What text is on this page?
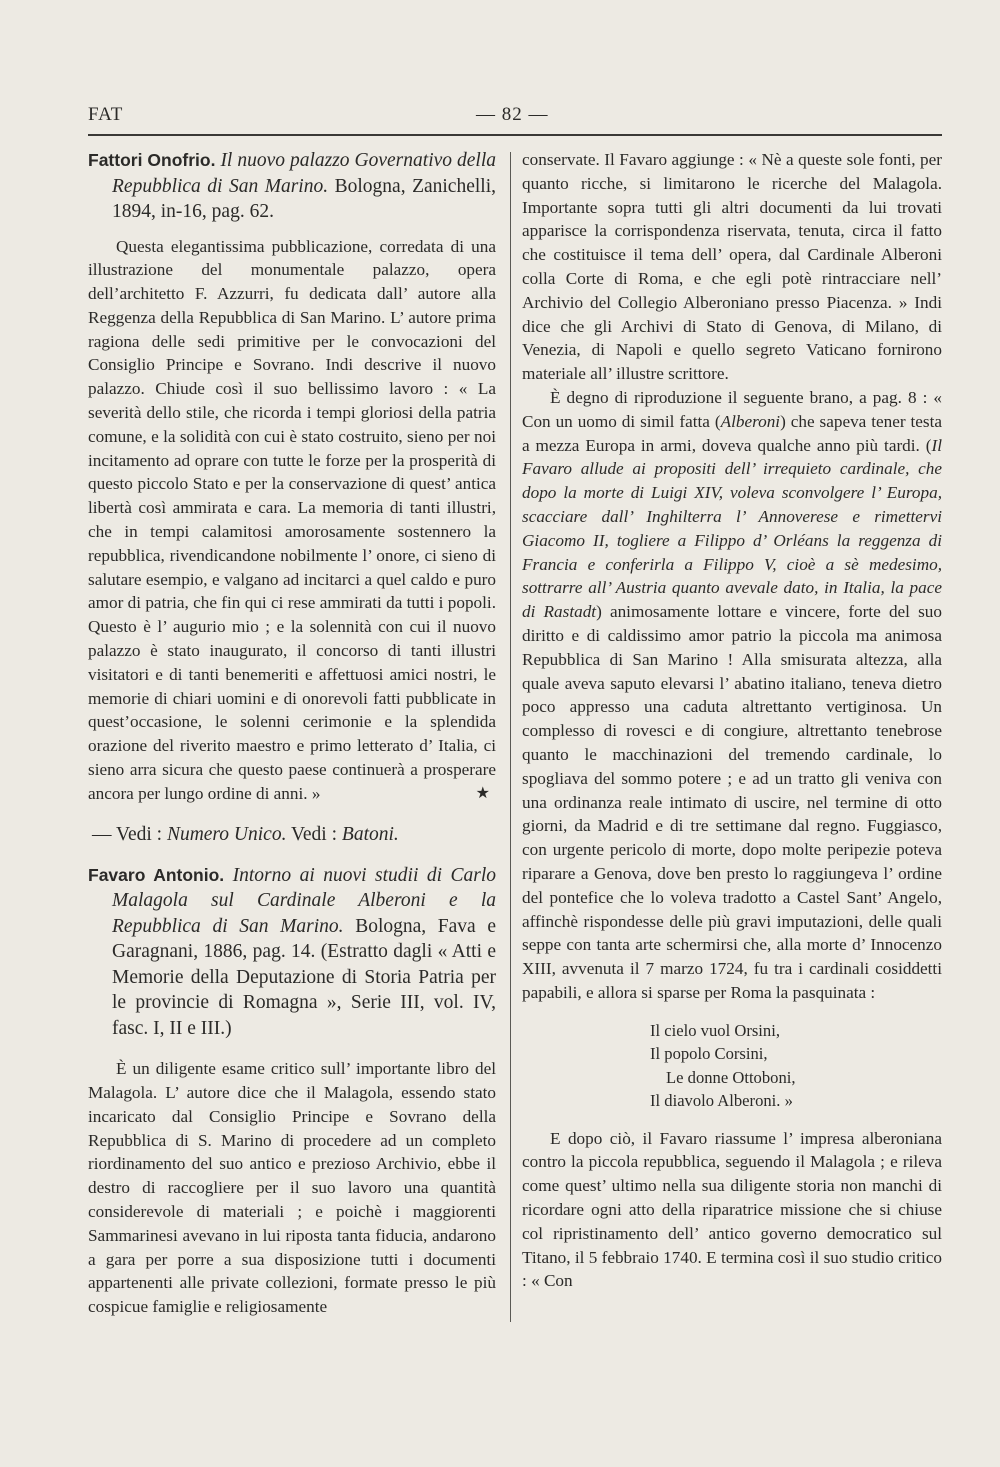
FAT	— 82 —

Fattori Onofrio. Il nuovo palazzo Governativo della Repubblica di San Marino. Bologna, Zanichelli, 1894, in-16, pag. 62.

Questa elegantissima pubblicazione, corredata di una illustrazione del monumentale palazzo, opera dell’architetto F. Azzurri, fu dedicata dall’ autore alla Reggenza della Repubblica di San Marino. L’ autore prima ragiona delle sedi primitive per le convocazioni del Consiglio Principe e Sovrano. Indi descrive il nuovo palazzo. Chiude così il suo bellissimo lavoro : « La severità dello stile, che ricorda i tempi gloriosi della patria comune, e la solidità con cui è stato costruito, sieno per noi incitamento ad oprare con tutte le forze per la prosperità di questo piccolo Stato e per la conservazione di quest’ antica libertà così ammirata e cara. La memoria di tanti illustri, che in tempi calamitosi amorosamente sostennero la repubblica, rivendicandone nobilmente l’ onore, ci sieno di salutare esempio, e valgano ad incitarci a quel caldo e puro amor di patria, che fin qui ci rese ammirati da tutti i popoli. Questo è l’ augurio mio ; e la solennità con cui il nuovo palazzo è stato inaugurato, il concorso di tanti illustri visitatori e di tanti benemeriti e affettuosi amici nostri, le memorie di chiari uomini e di onorevoli fatti pubblicate in quest’occasione, le solenni cerimonie e la splendida orazione del riverito maestro e primo letterato d’ Italia, ci sieno arra sicura che questo paese continuerà a prosperare ancora per lungo ordine di anni. »	★

— Vedi : Numero Unico. Vedi : Batoni.

Favaro Antonio. Intorno ai nuovi studii di Carlo Malagola sul Cardinale Alberoni e la Repubblica di San Marino. Bologna, Fava e Garagnani, 1886, pag. 14. (Estratto dagli « Atti e Memorie della Deputazione di Storia Patria per le provincie di Romagna », Serie III, vol. IV, fasc. I, II e III.)

È un diligente esame critico sull’ importante libro del Malagola. L’ autore dice che il Malagola, essendo stato incaricato dal Consiglio Principe e Sovrano della Repubblica di S. Marino di procedere ad un completo riordinamento del suo antico e prezioso Archivio, ebbe il destro di raccogliere per il suo lavoro una quantità considerevole di materiali ; e poichè i maggiorenti Sammarinesi avevano in lui riposta tanta fiducia, andarono a gara per porre a sua disposizione tutti i documenti appartenenti alle private collezioni, formate presso le più cospicue famiglie e religiosamente

conservate. Il Favaro aggiunge : « Nè a queste sole fonti, per quanto ricche, si limitarono le ricerche del Malagola. Importante sopra tutti gli altri documenti da lui trovati apparisce la corrispondenza riservata, tenuta, circa il fatto che costituisce il tema dell’ opera, dal Cardinale Alberoni colla Corte di Roma, e che egli potè rintracciare nell’ Archivio del Collegio Alberoniano presso Piacenza. » Indi dice che gli Archivi di Stato di Genova, di Milano, di Venezia, di Napoli e quello segreto Vaticano fornirono materiale all’ illustre scrittore.

È degno di riproduzione il seguente brano, a pag. 8 : « Con un uomo di simil fatta (Alberoni) che sapeva tener testa a mezza Europa in armi, doveva qualche anno più tardi. (Il Favaro allude ai propositi dell’ irrequieto cardinale, che dopo la morte di Luigi XIV, voleva sconvolgere l’ Europa, scacciare dall’ Inghilterra l’ Annoverese e rimettervi Giacomo II, togliere a Filippo d’ Orléans la reggenza di Francia e conferirla a Filippo V, cioè a sè medesimo, sottrarre all’ Austria quanto avevale dato, in Italia, la pace di Rastadt) animosamente lottare e vincere, forte del suo diritto e di caldissimo amor patrio la piccola ma animosa Repubblica di San Marino ! Alla smisurata altezza, alla quale aveva saputo elevarsi l’ abatino italiano, teneva dietro poco appresso una caduta altrettanto vertiginosa. Un complesso di rovesci e di congiure, altrettanto tenebrose quanto le macchinazioni del tremendo cardinale, lo spogliava del sommo potere ; e ad un tratto gli veniva con una ordinanza reale intimato di uscire, nel termine di otto giorni, da Madrid e di tre settimane dal regno. Fuggiasco, con urgente pericolo di morte, dopo molte peripezie poteva riparare a Genova, dove ben presto lo raggiungeva l’ ordine del pontefice che lo voleva tradotto a Castel Sant’ Angelo, affinchè rispondesse delle più gravi imputazioni, delle quali seppe con tanta arte schermirsi che, alla morte d’ Innocenzo XIII, avvenuta il 7 marzo 1724, fu tra i cardinali cosiddetti papabili, e allora si sparse per Roma la pasquinata :

Il cielo vuol Orsini,
Il popolo Corsini,
Le donne Ottoboni,
Il diavolo Alberoni. »

E dopo ciò, il Favaro riassume l’ impresa alberoniana contro la piccola repubblica, seguendo il Malagola ; e rileva come quest’ ultimo nella sua diligente storia non manchi di ricordare ogni atto della riparatrice missione che si chiuse col ripristinamento dell’ antico governo democratico sul Titano, il 5 febbraio 1740. E termina così il suo studio critico : « Con
